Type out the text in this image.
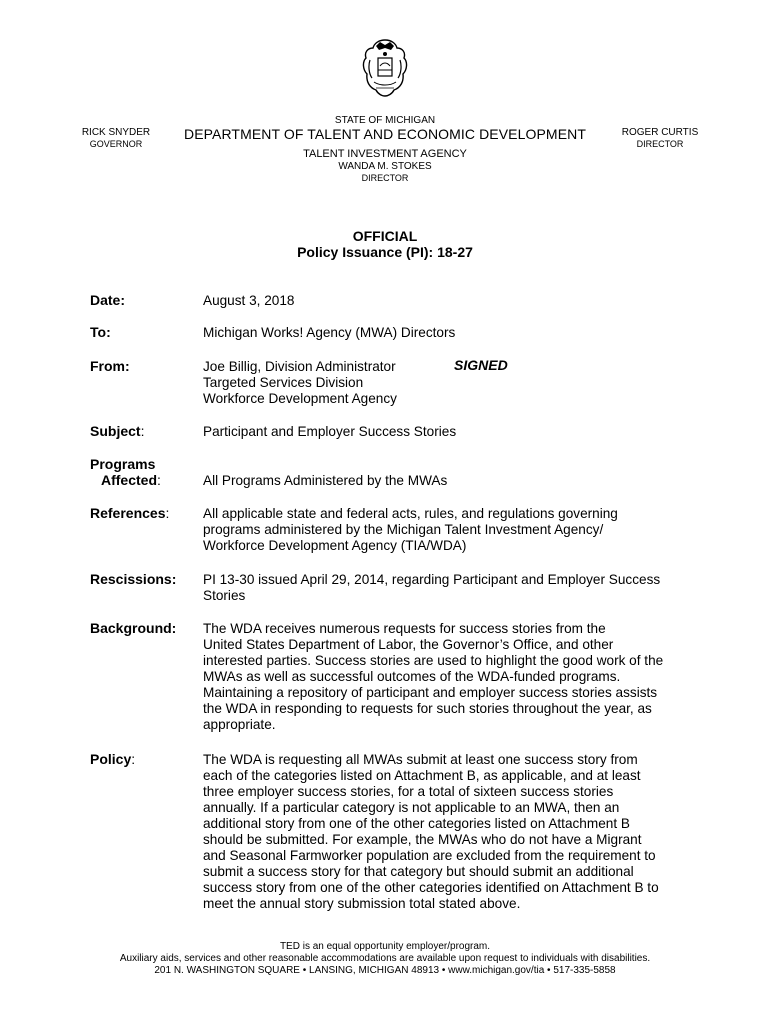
STATE OF MICHIGAN
DEPARTMENT OF TALENT AND ECONOMIC DEVELOPMENT
TALENT INVESTMENT AGENCY
WANDA M. STOKES
DIRECTOR
RICK SNYDER
GOVERNOR
ROGER CURTIS
DIRECTOR
OFFICIAL
Policy Issuance (PI): 18-27
Date:	August 3, 2018
To:	Michigan Works! Agency (MWA) Directors
From:	Joe Billig, Division Administrator
Targeted Services Division
Workforce Development Agency
SIGNED
Subject:	Participant and Employer Success Stories
Programs
Affected:	All Programs Administered by the MWAs
References: All applicable state and federal acts, rules, and regulations governing
programs administered by the Michigan Talent Investment Agency/
Workforce Development Agency (TIA/WDA)
Rescissions: PI 13-30 issued April 29, 2014, regarding Participant and Employer Success
Stories
Background: The WDA receives numerous requests for success stories from the
United States Department of Labor, the Governor’s Office, and other
interested parties. Success stories are used to highlight the good work of the
MWAs as well as successful outcomes of the WDA-funded programs.
Maintaining a repository of participant and employer success stories assists
the WDA in responding to requests for such stories throughout the year, as
appropriate.
Policy:	The WDA is requesting all MWAs submit at least one success story from
each of the categories listed on Attachment B, as applicable, and at least
three employer success stories, for a total of sixteen success stories
annually. If a particular category is not applicable to an MWA, then an
additional story from one of the other categories listed on Attachment B
should be submitted. For example, the MWAs who do not have a Migrant
and Seasonal Farmworker population are excluded from the requirement to
submit a success story for that category but should submit an additional
success story from one of the other categories identified on Attachment B to
meet the annual story submission total stated above.
TED is an equal opportunity employer/program.
Auxiliary aids, services and other reasonable accommodations are available upon request to individuals with disabilities.
201 N. WASHINGTON SQUARE • LANSING, MICHIGAN 48913 • www.michigan.gov/tia • 517-335-5858
